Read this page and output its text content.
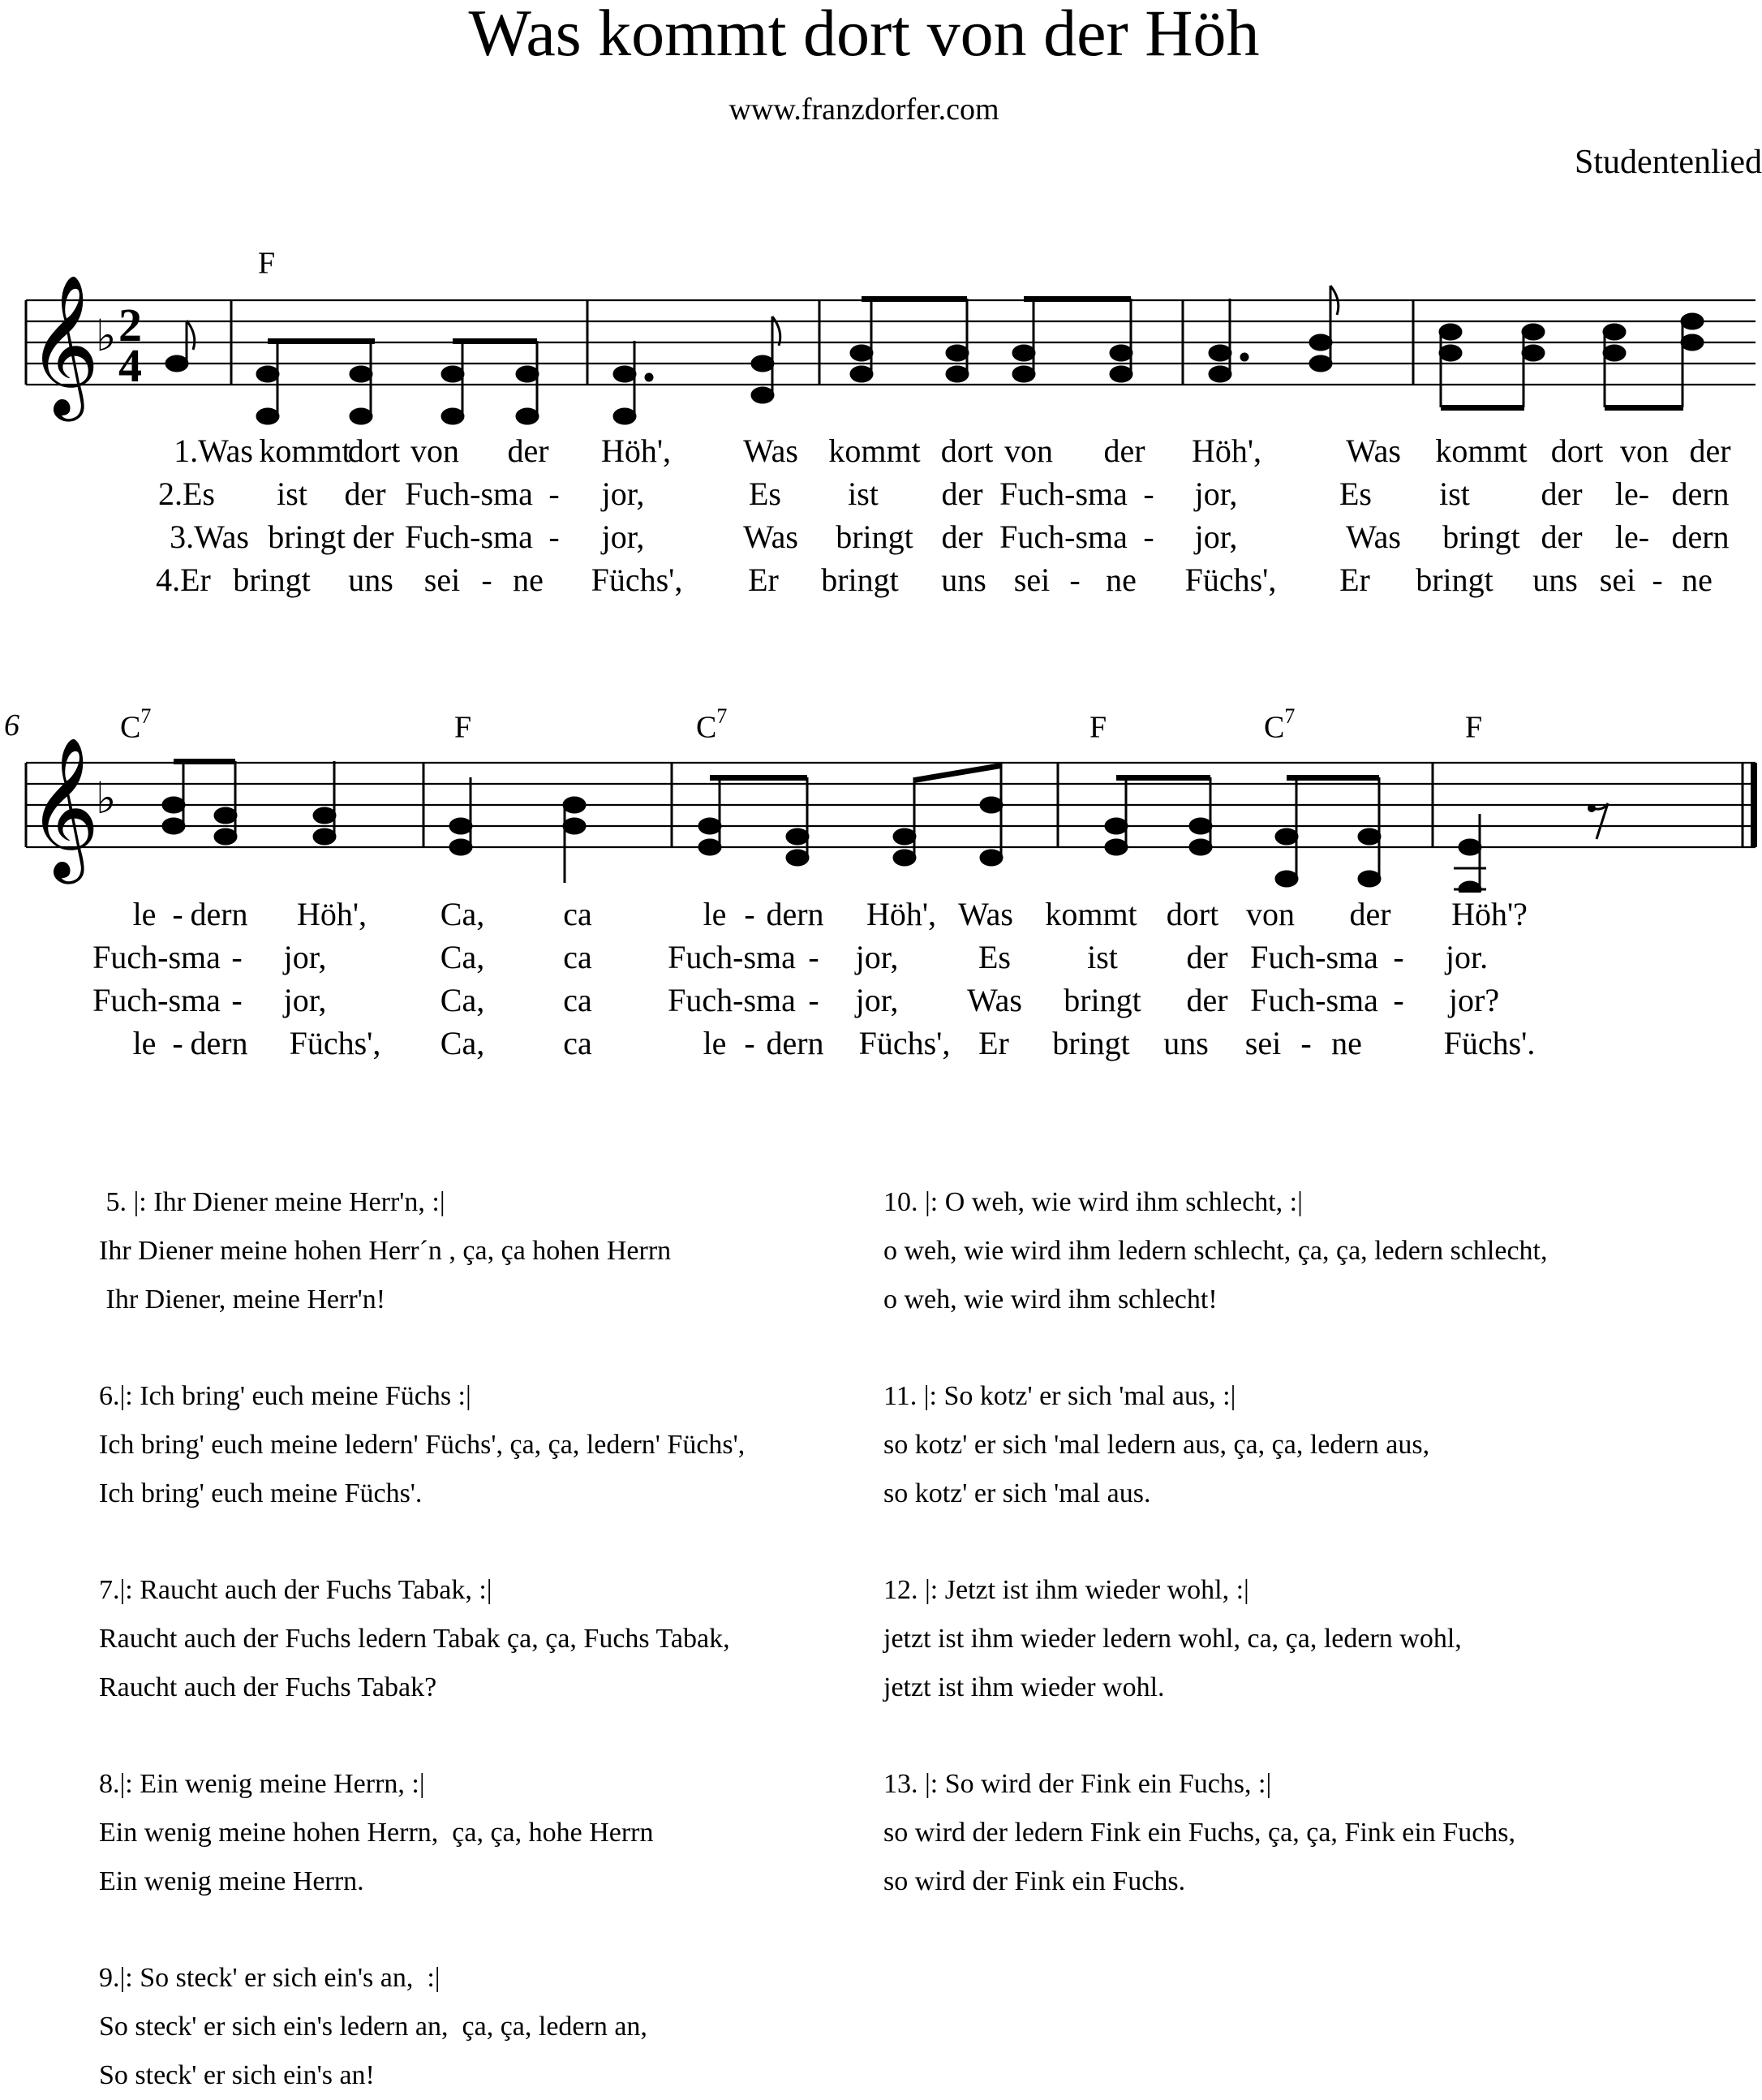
Was kommt dort von der Höh
www.franzdorfer.com
Studentenlied
F
𝄞
♭ 2
4
1.Was kommt
dort von der Höh', Was kommt dort von der Höh',	Was kommt dort von der
2.Es ist der Fuch-sma - jor,	Es ist der Fuch-sma - jor,	Es ist der le- dern
3.Was bringt der Fuch-sma - jor,	Was bringt der Fuch-sma - jor,	Was bringt der le- dern
4.Er bringt uns sei - ne Füchs', Er bringt uns sei - ne Füchs', Er bringt uns sei - ne
6	$C^7$	F	$C^7$	F	$C^7$	F
𝄞
♭
le - dern Höh', Ca, ca	le - dern Höh', Was kommt dort von der Höh'?
Fuch-sma - jor,	Ca, ca Fuch-sma - jor, Es ist der Fuch-sma - jor.
Fuch-sma - jor,	Ca, ca Fuch-sma - jor, Was bringt der Fuch-sma - jor?
le - dern Füchs', Ca, ca	le - dern Füchs', Er bringt uns sei - ne	Füchs'.
5. |: Ihr Diener meine Herr'n, :|
Ihr Diener meine hohen Herr´n , ça, ça hohen Herrn
Ihr Diener, meine Herr'n!
6.|: Ich bring' euch meine Füchs :|
Ich bring' euch meine ledern' Füchs', ça, ça, ledern' Füchs',
Ich bring' euch meine Füchs'.
7.|: Raucht auch der Fuchs Tabak, :|
Raucht auch der Fuchs ledern Tabak ça, ça, Fuchs Tabak,
Raucht auch der Fuchs Tabak?
8.|: Ein wenig meine Herrn, :|
Ein wenig meine hohen Herrn,  ça, ça, hohe Herrn
Ein wenig meine Herrn.
9.|: So steck' er sich ein's an,  :|
So steck' er sich ein's ledern an,  ça, ça, ledern an,
So steck' er sich ein's an!
10. |: O weh, wie wird ihm schlecht, :|
o weh, wie wird ihm ledern schlecht, ça, ça, ledern schlecht,
o weh, wie wird ihm schlecht!
11. |: So kotz' er sich 'mal aus, :|
so kotz' er sich 'mal ledern aus, ça, ça, ledern aus,
so kotz' er sich 'mal aus.
12. |: Jetzt ist ihm wieder wohl, :|
jetzt ist ihm wieder ledern wohl, ca, ça, ledern wohl,
jetzt ist ihm wieder wohl.
13. |: So wird der Fink ein Fuchs, :|
so wird der ledern Fink ein Fuchs, ça, ça, Fink ein Fuchs,
so wird der Fink ein Fuchs.
